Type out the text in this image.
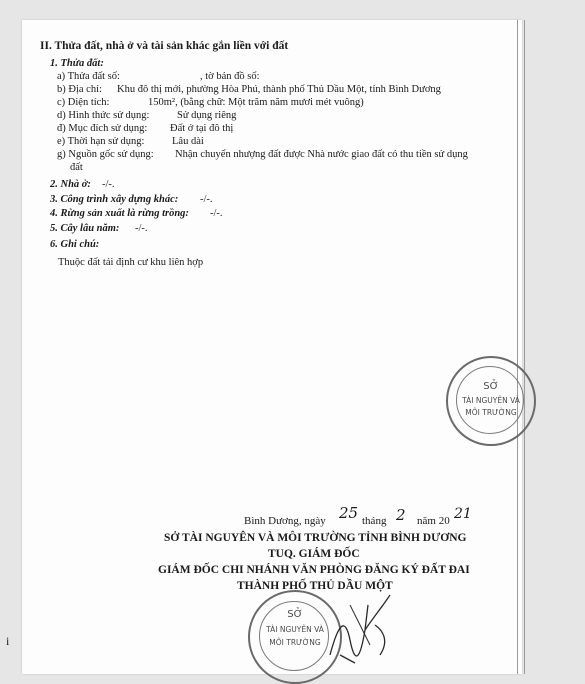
II. Thửa đất, nhà ở và tài sản khác gắn liền với đất
1. Thửa đất:
a) Thửa đất số:	, tờ bản đồ số:
b) Địa chỉ: Khu đô thị mới, phường Hòa Phú, thành phố Thủ Dầu Một, tỉnh Bình Dương
c) Diện tích:	150m², (bằng chữ: Một trăm năm mươi mét vuông)
d) Hình thức sử dụng:	Sử dụng riêng
đ) Mục đích sử dụng: Đất ở tại đô thị
e) Thời hạn sử dụng:	Lâu dài
g) Nguồn gốc sử dụng: Nhận chuyển nhượng đất được Nhà nước giao đất có thu tiền sử dụng
đất
2. Nhà ở: -/-.
3. Công trình xây dựng khác: -/-.
4. Rừng sản xuất là rừng trồng: -/-.
5. Cây lâu năm: -/-.
6. Ghi chú:
Thuộc đất tái định cư khu liên hợp
SỞ
TÀI NGUYÊN VÀ
MÔI TRƯỜNG
Bình Dương, ngày 25 tháng 2 năm 20 21
SỞ TÀI NGUYÊN VÀ MÔI TRƯỜNG TỈNH BÌNH DƯƠNG
TUQ. GIÁM ĐỐC
GIÁM ĐỐC CHI NHÁNH VĂN PHÒNG ĐĂNG KÝ ĐẤT ĐAI
THÀNH PHỐ THỦ DẦU MỘT
SỞ
TÀI NGUYÊN VÀ
MÔI TRƯỜNG
i
